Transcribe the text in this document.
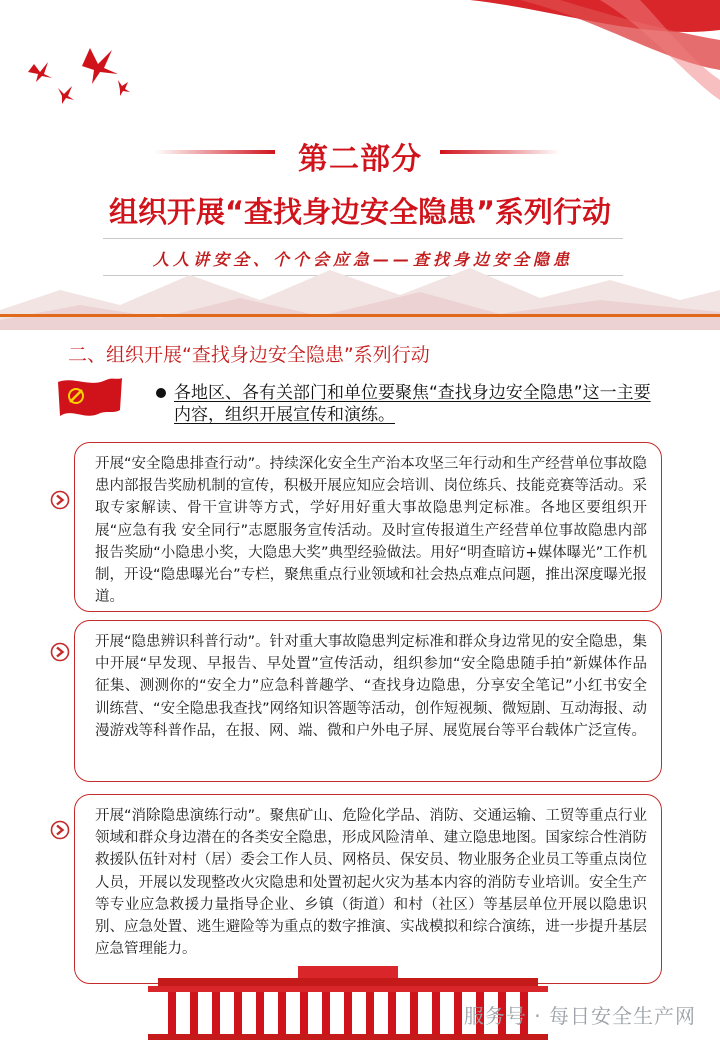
第二部分
组织开展“查找身边安全隐患”系列行动
人人讲安全、个个会应急——查找身边安全隐患
二、组织开展“查找身边安全隐患”系列行动
各地区、各有关部门和单位要聚焦“查找身边安全隐患”这一主要内容，组织开展宣传和演练。
开展“安全隐患排查行动”。持续深化安全生产治本攻坚三年行动和生产经营单位事故隐患内部报告奖励机制的宣传，积极开展应知应会培训、岗位练兵、技能竞赛等活动。采取专家解读、骨干宣讲等方式，学好用好重大事故隐患判定标准。各地区要组织开展“应急有我 安全同行”志愿服务宣传活动。及时宣传报道生产经营单位事故隐患内部报告奖励“小隐患小奖，大隐患大奖”典型经验做法。用好“明查暗访+媒体曝光”工作机制，开设“隐患曝光台”专栏，聚焦重点行业领域和社会热点难点问题，推出深度曝光报道。
开展“隐患辨识科普行动”。针对重大事故隐患判定标准和群众身边常见的安全隐患，集中开展“早发现、早报告、早处置”宣传活动，组织参加“安全隐患随手拍”新媒体作品征集、测测你的“安全力”应急科普趣学、“查找身边隐患，分享安全笔记”小红书安全训练营、“安全隐患我查找”网络知识答题等活动，创作短视频、微短剧、互动海报、动漫游戏等科普作品，在报、网、端、微和户外电子屏、展览展台等平台载体广泛宣传。
开展“消除隐患演练行动”。聚焦矿山、危险化学品、消防、交通运输、工贸等重点行业领域和群众身边潜在的各类安全隐患，形成风险清单、建立隐患地图。国家综合性消防救援队伍针对村（居）委会工作人员、网格员、保安员、物业服务企业员工等重点岗位人员，开展以发现整改火灾隐患和处置初起火灾为基本内容的消防专业培训。安全生产等专业应急救援力量指导企业、乡镇（街道）和村（社区）等基层单位开展以隐患识别、应急处置、逃生避险等为重点的数字推演、实战模拟和综合演练，进一步提升基层应急管理能力。
服务号 · 每日安全生产网
